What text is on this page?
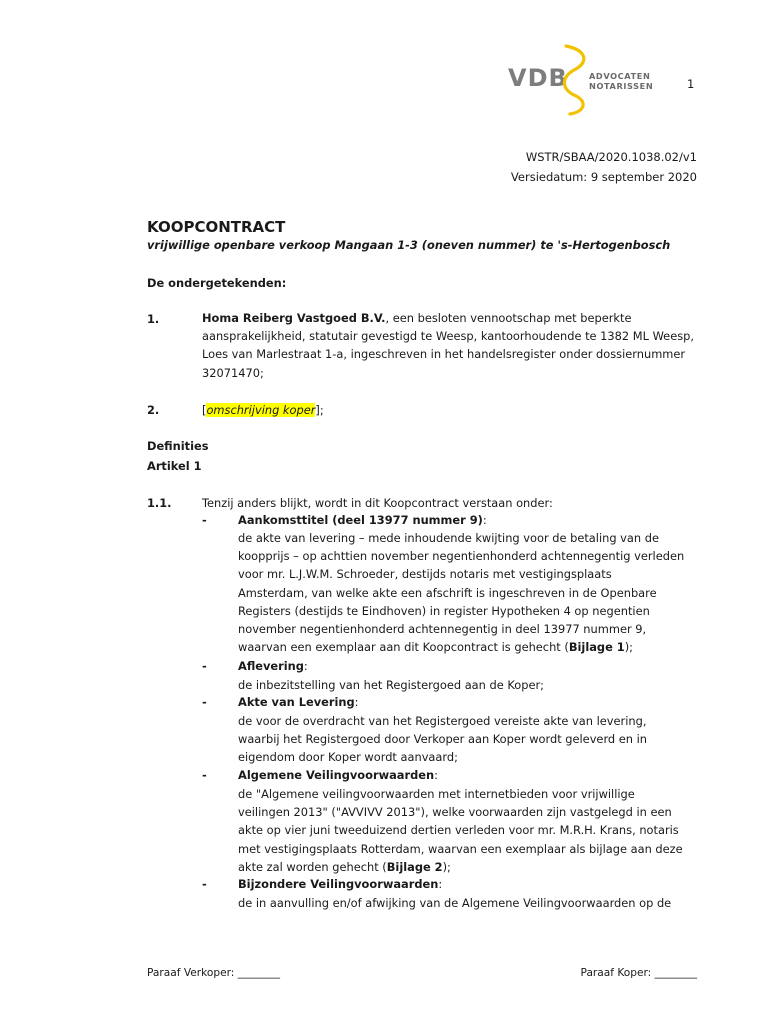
VDB	ADVOCATEN
NOTARISSEN	1
WSTR/SBAA/2020.1038.02/v1
Versiedatum: 9 september 2020
KOOPCONTRACT
vrijwillige openbare verkoop Mangaan 1-3 (oneven nummer) te 's-Hertogenbosch
De ondergetekenden:
1.	Homa Reiberg Vastgoed B.V., een besloten vennootschap met beperkte
aansprakelijkheid, statutair gevestigd te Weesp, kantoorhoudende te 1382 ML Weesp,
Loes van Marlestraat 1-a, ingeschreven in het handelsregister onder dossiernummer
32071470;
2.	[omschrijving koper];
Definities
Artikel 1
1.1.	Tenzij anders blijkt, wordt in dit Koopcontract verstaan onder:
-	Aankomsttitel (deel 13977 nummer 9):
de akte van levering – mede inhoudende kwijting voor de betaling van de
koopprijs – op achttien november negentienhonderd achtennegentig verleden
voor mr. L.J.W.M. Schroeder, destijds notaris met vestigingsplaats
Amsterdam, van welke akte een afschrift is ingeschreven in de Openbare
Registers (destijds te Eindhoven) in register Hypotheken 4 op negentien
november negentienhonderd achtennegentig in deel 13977 nummer 9,
waarvan een exemplaar aan dit Koopcontract is gehecht (Bijlage 1);
-	Aflevering:
de inbezitstelling van het Registergoed aan de Koper;
-	Akte van Levering:
de voor de overdracht van het Registergoed vereiste akte van levering,
waarbij het Registergoed door Verkoper aan Koper wordt geleverd en in
eigendom door Koper wordt aanvaard;
-	Algemene Veilingvoorwaarden:
de "Algemene veilingvoorwaarden met internetbieden voor vrijwillige
veilingen 2013" ("AVVIVV 2013"), welke voorwaarden zijn vastgelegd in een
akte op vier juni tweeduizend dertien verleden voor mr. M.R.H. Krans, notaris
met vestigingsplaats Rotterdam, waarvan een exemplaar als bijlage aan deze
akte zal worden gehecht (Bijlage 2);
-	Bijzondere Veilingvoorwaarden:
de in aanvulling en/of afwijking van de Algemene Veilingvoorwaarden op de
Paraaf Verkoper: ________	Paraaf Koper: ________
